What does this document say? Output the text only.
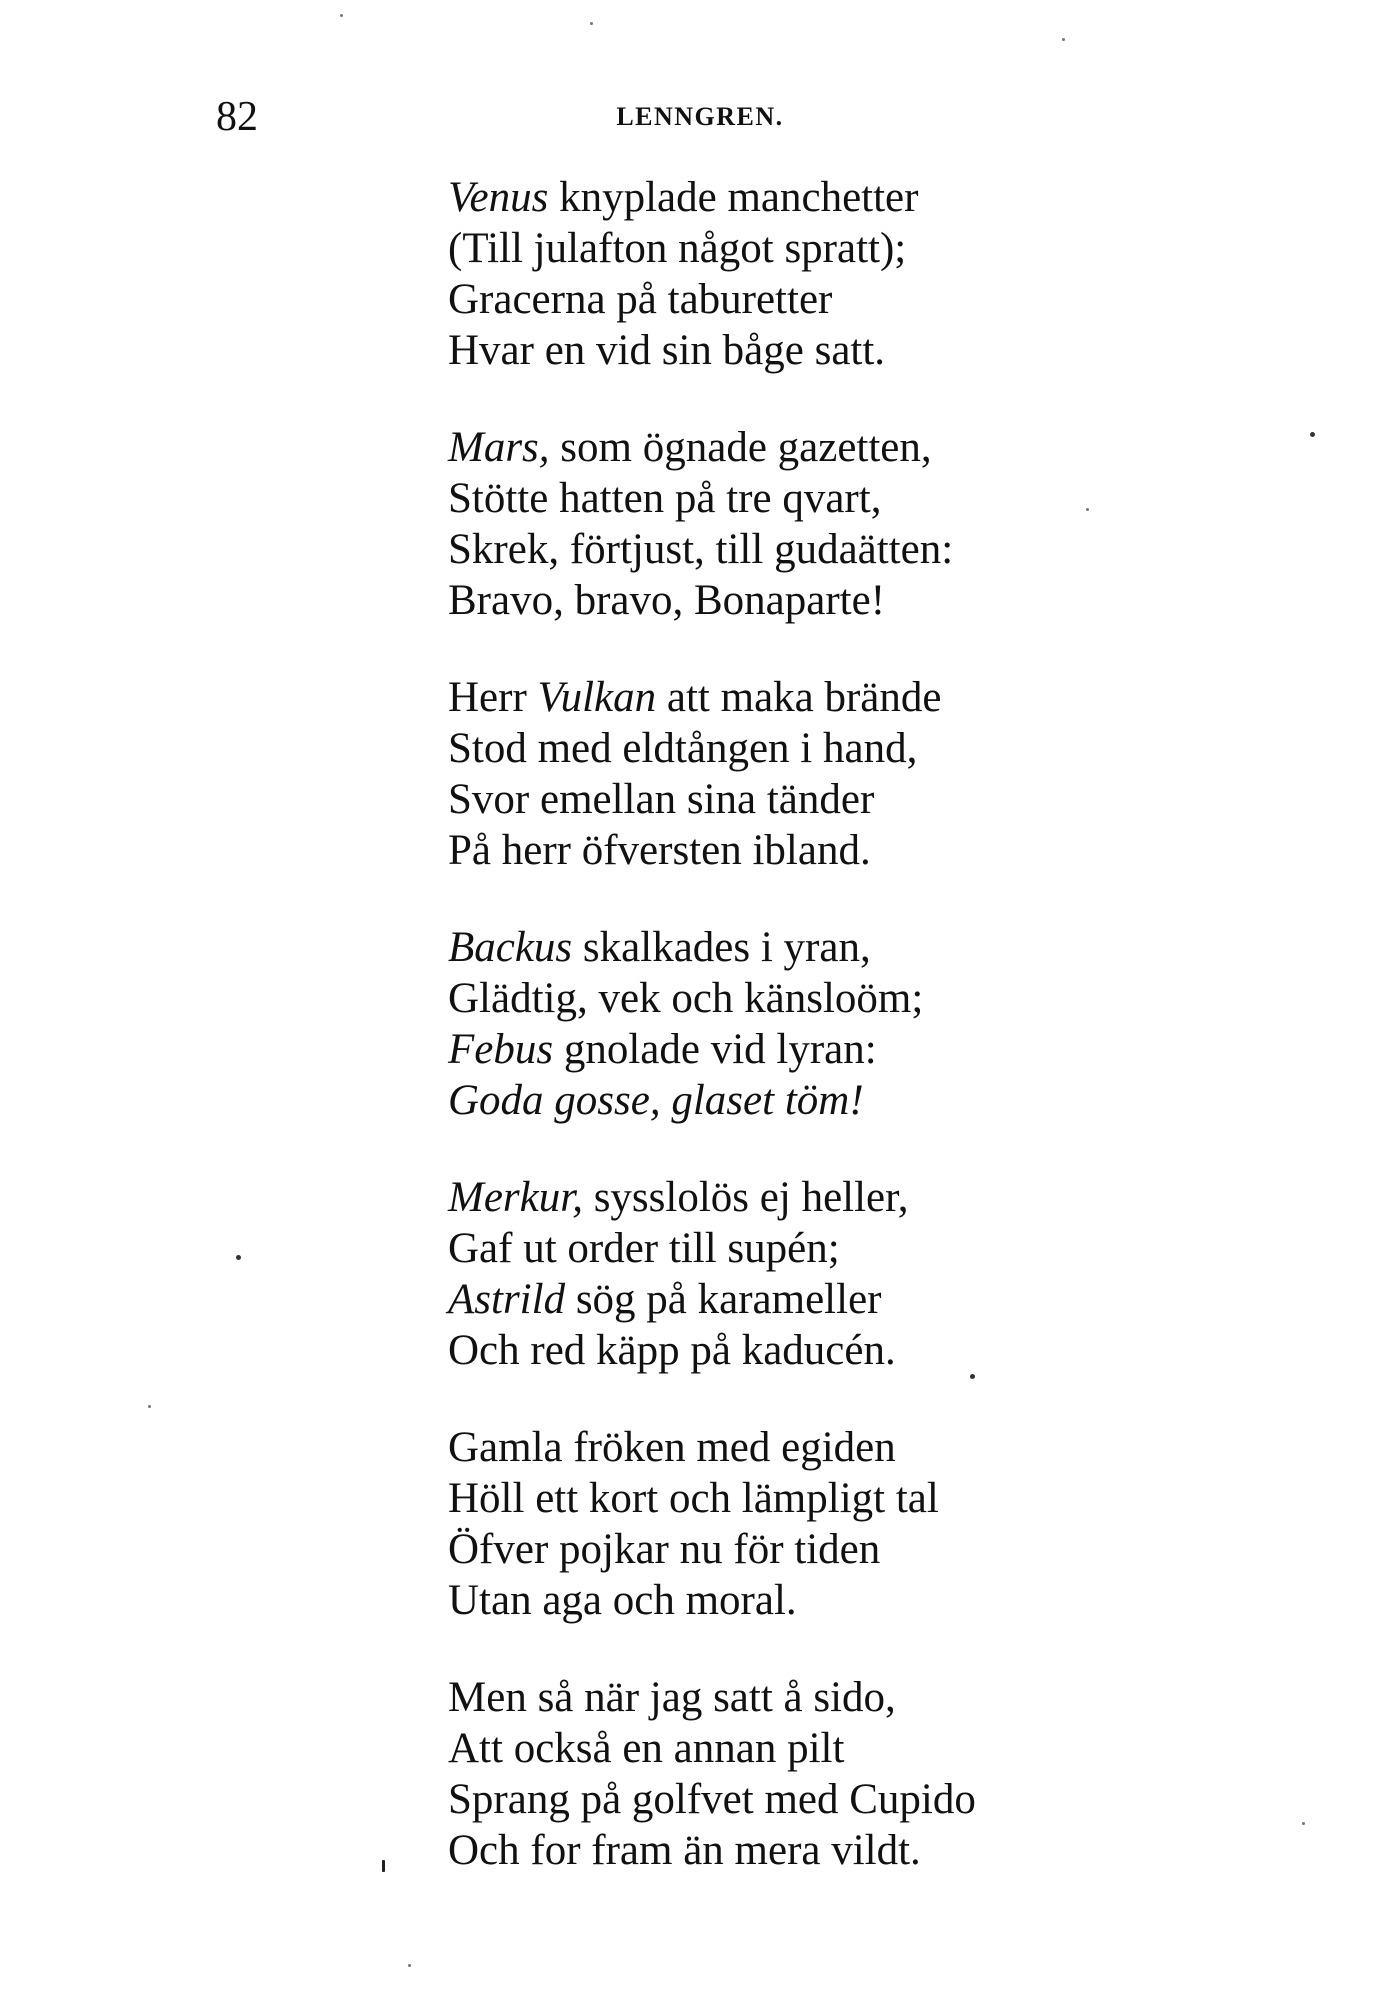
82	LENNGREN.
Venus knyplade manchetter
(Till julafton något spratt);
Gracerna på taburetter
Hvar en vid sin båge satt.
Mars, som ögnade gazetten,
Stötte hatten på tre qvart,
Skrek, förtjust, till gudaätten:
Bravo, bravo, Bonaparte!
Herr Vulkan att maka brände
Stod med eldtången i hand,
Svor emellan sina tänder
På herr öfversten ibland.
Backus skalkades i yran,
Glädtig, vek och känsloöm;
Febus gnolade vid lyran:
Goda gosse, glaset töm!
Merkur, sysslolös ej heller,
Gaf ut order till supén;
Astrild sög på karameller
Och red käpp på kaducén.
Gamla fröken med egiden
Höll ett kort och lämpligt tal
Öfver pojkar nu för tiden
Utan aga och moral.
Men så när jag satt å sido,
Att också en annan pilt
Sprang på golfvet med Cupido
Och for fram än mera vildt.
